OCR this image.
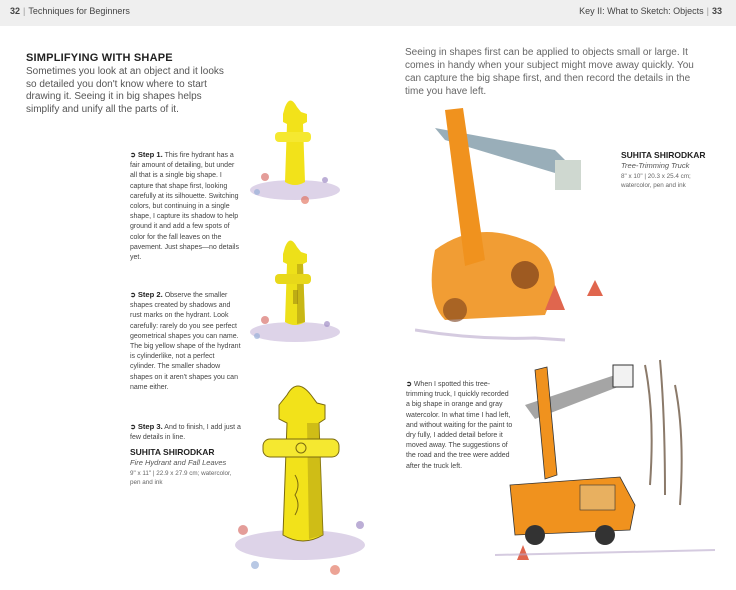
32 | Techniques for Beginners	Key II: What to Sketch: Objects | 33
SIMPLIFYING WITH SHAPE
Sometimes you look at an object and it looks so detailed you don't know where to start drawing it. Seeing it in big shapes helps simplify and unify all the parts of it.
➲ Step 1. This fire hydrant has a fair amount of detailing, but under all that is a single big shape. I capture that shape first, looking carefully at its silhouette. Switching colors, but continuing in a single shape, I capture its shadow to help ground it and add a few spots of color for the fall leaves on the pavement. Just shapes—no details yet.
➲ Step 2. Observe the smaller shapes created by shadows and rust marks on the hydrant. Look carefully: rarely do you see perfect geometrical shapes you can name. The big yellow shape of the hydrant is cylinderlike, not a perfect cylinder. The smaller shadow shapes on it aren't shapes you can name either.
➲ Step 3. And to finish, I add just a few details in line.
SUHITA SHIRODKAR
Fire Hydrant and Fall Leaves
9" x 11" | 22.9 x 27.9 cm; watercolor, pen and ink
Seeing in shapes first can be applied to objects small or large. It comes in handy when your subject might move away quickly. You can capture the big shape first, and then record the details in the time you have left.
SUHITA SHIRODKAR
Tree-Trimming Truck
8" x 10" | 20.3 x 25.4 cm; watercolor, pen and ink
➲ When I spotted this tree-trimming truck, I quickly recorded a big shape in orange and gray watercolor. In what time I had left, and without waiting for the paint to dry fully, I added detail before it moved away. The suggestions of the road and the tree were added after the truck left.
